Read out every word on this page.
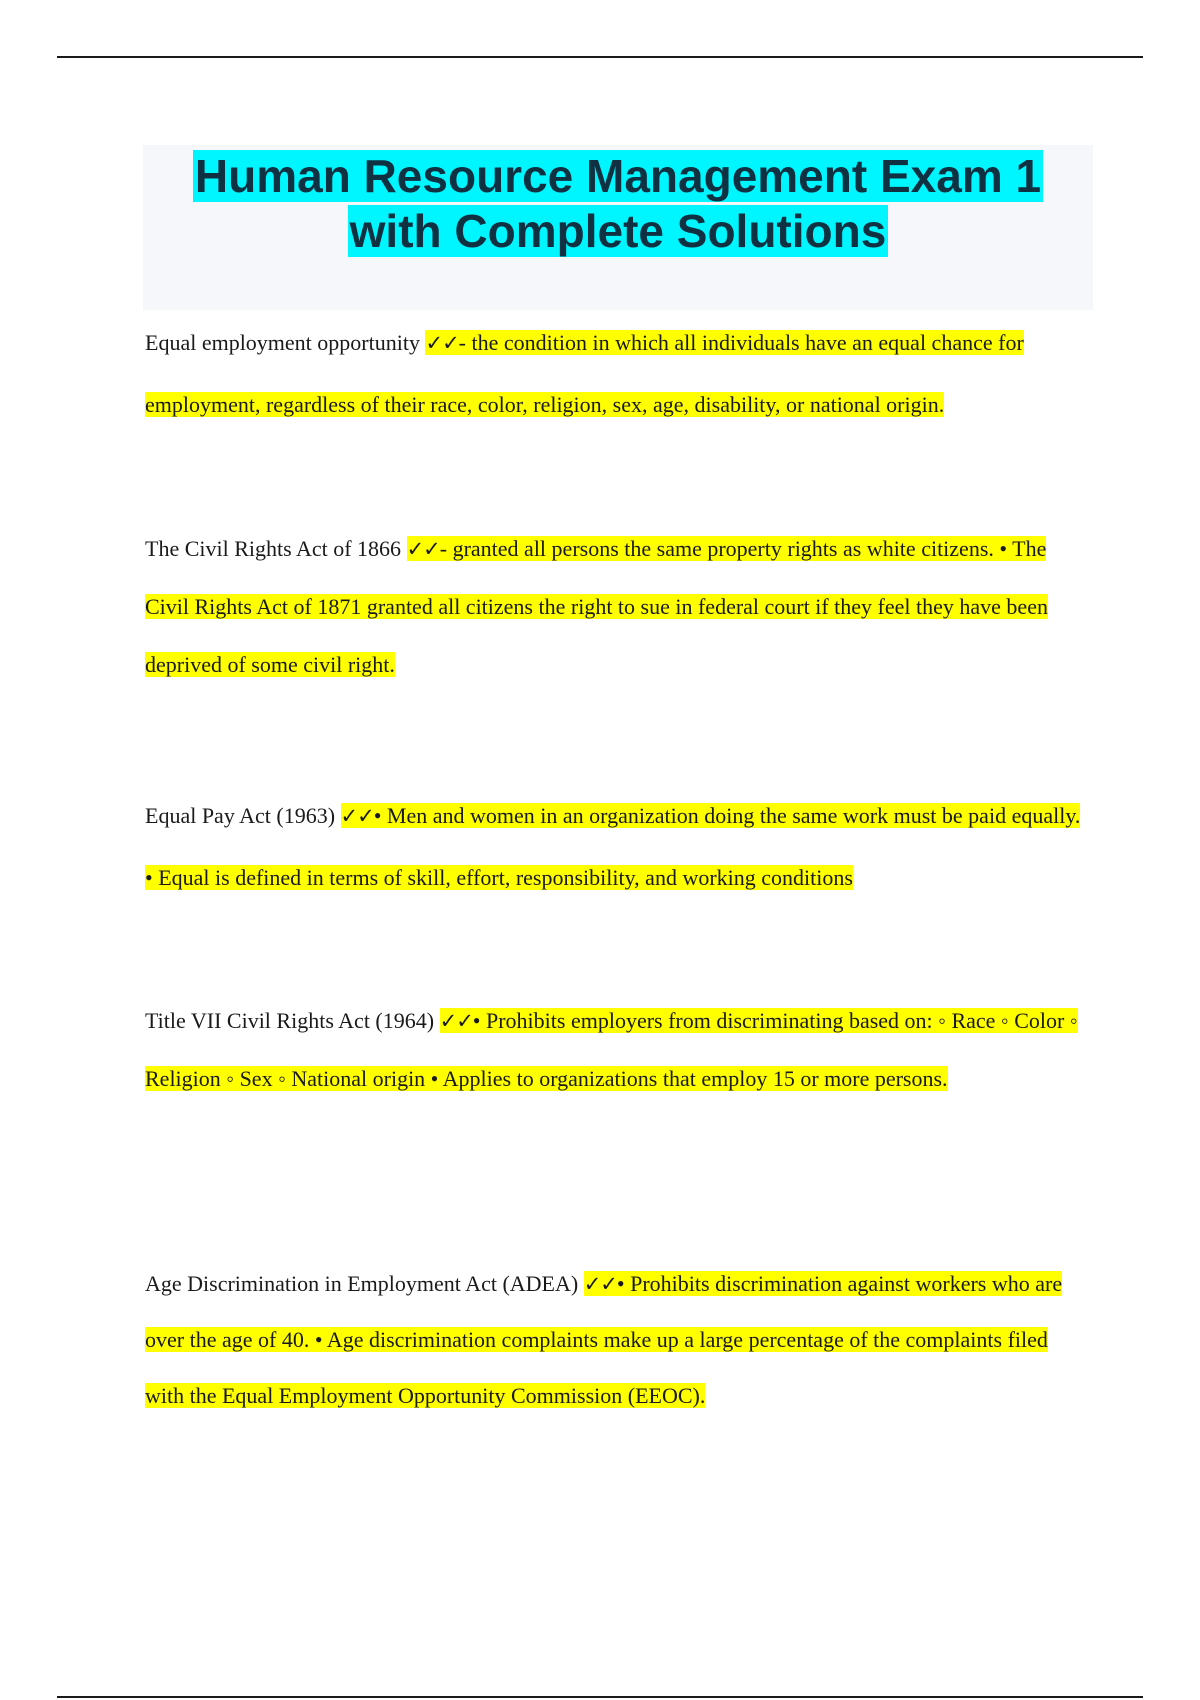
Human Resource Management Exam 1
with Complete Solutions

Equal employment opportunity ✓✓- the condition in which all individuals have an equal chance for employment, regardless of their race, color, religion, sex, age, disability, or national origin.

The Civil Rights Act of 1866 ✓✓- granted all persons the same property rights as white citizens. • The Civil Rights Act of 1871 granted all citizens the right to sue in federal court if they feel they have been deprived of some civil right.

Equal Pay Act (1963) ✓✓• Men and women in an organization doing the same work must be paid equally. • Equal is defined in terms of skill, effort, responsibility, and working conditions

Title VII Civil Rights Act (1964) ✓✓• Prohibits employers from discriminating based on: ◦ Race ◦ Color ◦ Religion ◦ Sex ◦ National origin • Applies to organizations that employ 15 or more persons.

Age Discrimination in Employment Act (ADEA) ✓✓• Prohibits discrimination against workers who are over the age of 40. • Age discrimination complaints make up a large percentage of the complaints filed with the Equal Employment Opportunity Commission (EEOC).
